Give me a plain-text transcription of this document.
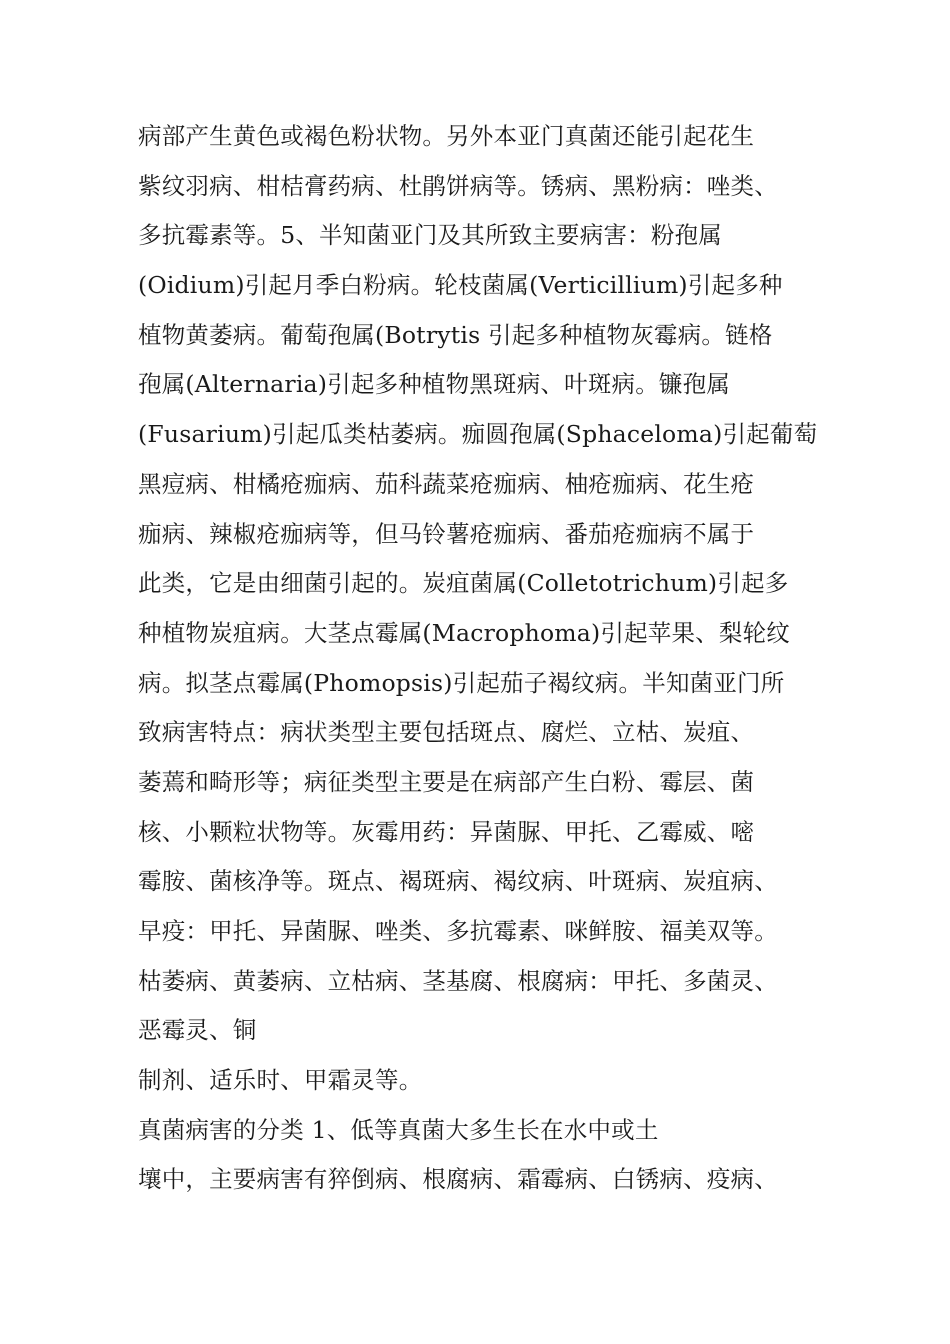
病部产生黄色或褐色粉状物。另外本亚门真菌还能引起花生
紫纹羽病、柑桔膏药病、杜鹃饼病等。锈病、黑粉病：唑类、
多抗霉素等。5、半知菌亚门及其所致主要病害：粉孢属
(Oidium)引起月季白粉病。轮枝菌属(Verticillium)引起多种
植物黄萎病。葡萄孢属(Botrytis 引起多种植物灰霉病。链格
孢属(Alternaria)引起多种植物黑斑病、叶斑病。镰孢属
(Fusarium)引起瓜类枯萎病。痂圆孢属(Sphaceloma)引起葡萄
黑痘病、柑橘疮痂病、茄科蔬菜疮痂病、柚疮痂病、花生疮
痂病、辣椒疮痂病等，但马铃薯疮痂病、番茄疮痂病不属于
此类，它是由细菌引起的。炭疽菌属(Colletotrichum)引起多
种植物炭疽病。大茎点霉属(Macrophoma)引起苹果、梨轮纹
病。拟茎点霉属(Phomopsis)引起茄子褐纹病。半知菌亚门所
致病害特点：病状类型主要包括斑点、腐烂、立枯、炭疽、
萎蔫和畸形等；病征类型主要是在病部产生白粉、霉层、菌
核、小颗粒状物等。灰霉用药：异菌脲、甲托、乙霉威、嘧
霉胺、菌核净等。斑点、褐斑病、褐纹病、叶斑病、炭疽病、
早疫：甲托、异菌脲、唑类、多抗霉素、咪鲜胺、福美双等。
枯萎病、黄萎病、立枯病、茎基腐、根腐病：甲托、多菌灵、
恶霉灵、铜
制剂、适乐时、甲霜灵等。
真菌病害的分类 1、低等真菌大多生长在水中或土
壤中，主要病害有猝倒病、根腐病、霜霉病、白锈病、疫病、
